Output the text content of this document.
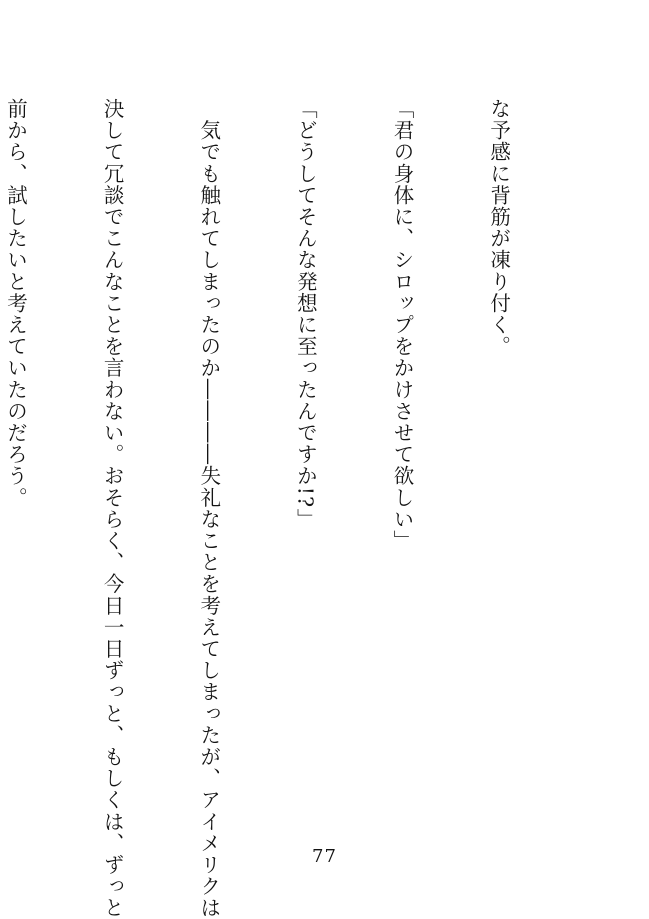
な予感に背筋が凍り付く。

「君の身体に、シロップをかけさせて欲しい」

「どうしてそんな発想に至ったんですか!?」

　気でも触れてしまったのか――――失礼なことを考えてしまったが、アイメリクは

決して冗談でこんなことを言わない。おそらく、今日一日ずっと、もしくは、ずっと

前から、試したいと考えていたのだろう。

77
